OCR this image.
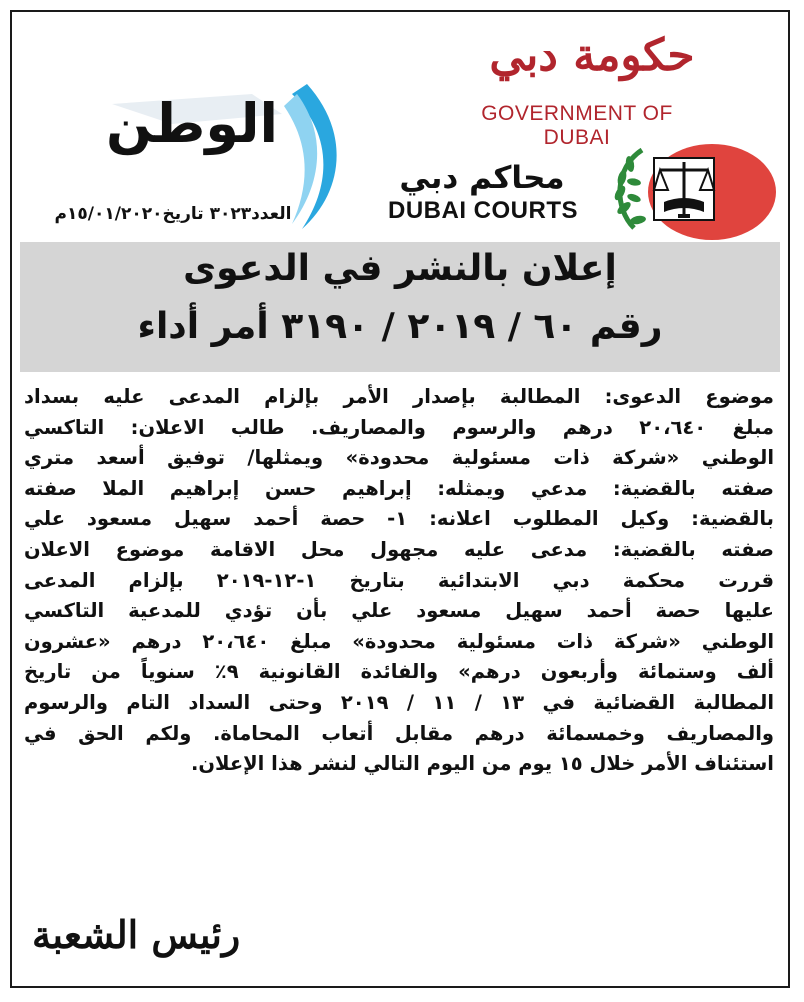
حكومة دبي
GOVERNMENT OF DUBAI
محاكم دبي
DUBAI COURTS
الوطن
العدد٣٠٢٣ تاريخ١٥/٠١/٢٠٢٠م
إعلان بالنشر في الدعوى
رقم ٦٠ / ٢٠١٩ / ٣١٩٠ أمر أداء
موضوع الدعوى: المطالبة بإصدار الأمر بإلزام المدعى عليه بسداد
مبلغ ٢٠،٦٤٠ درهم والرسوم والمصاريف. طالب الاعلان: التاكسي
الوطني «شركة ذات مسئولية محدودة» ويمثلها/ توفيق أسعد متري
صفته بالقضية: مدعي ويمثله: إبراهيم حسن إبراهيم الملا صفته
بالقضية: وكيل المطلوب اعلانه: ١- حصة أحمد سهيل مسعود علي
صفته بالقضية: مدعى عليه مجهول محل الاقامة موضوع الاعلان
قررت محكمة دبي الابتدائية بتاريخ ١-١٢-٢٠١٩ بإلزام المدعى
عليها حصة أحمد سهيل مسعود علي بأن تؤدي للمدعية التاكسي
الوطني «شركة ذات مسئولية محدودة» مبلغ ٢٠،٦٤٠ درهم «عشرون
ألف وستمائة وأربعون درهم» والفائدة القانونية ٩٪ سنوياً من تاريخ
المطالبة القضائية في ١٣ / ١١ / ٢٠١٩ وحتى السداد التام والرسوم
والمصاريف وخمسمائة درهم مقابل أتعاب المحاماة. ولكم الحق في
استئناف الأمر خلال ١٥ يوم من اليوم التالي لنشر هذا الإعلان.
رئيس الشعبة
